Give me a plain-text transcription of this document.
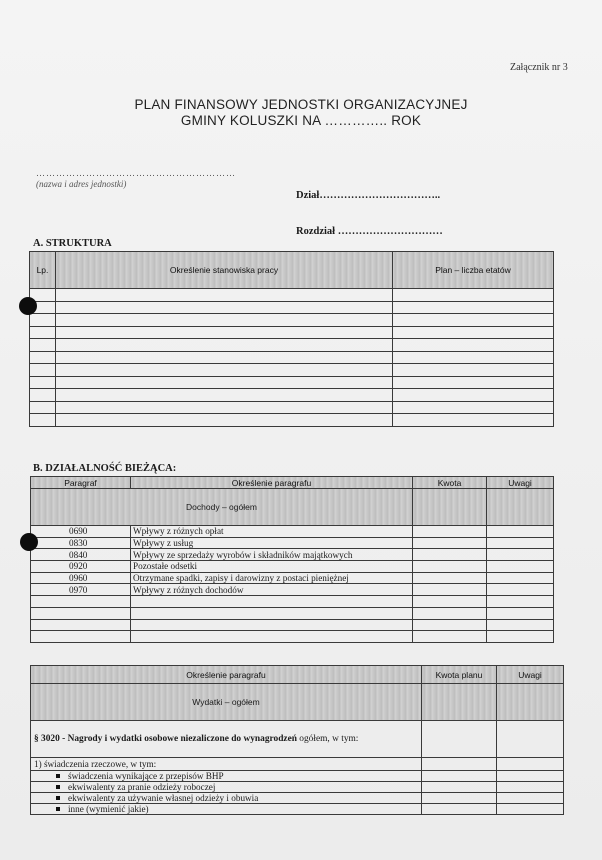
Załącznik nr 3
PLAN FINANSOWY JEDNOSTKI ORGANIZACYJNEJ
GMINY KOLUSZKI NA ………….. ROK
……………………………………………………
(nazwa i adres jednostki)
Dział……………………………..
Rozdział …………………………
A. STRUKTURA
Lp.	Określenie stanowiska pracy	Plan – liczba etatów

B. DZIAŁALNOŚĆ BIEŻĄCA:
Paragraf	Określenie paragrafu	Kwota	Uwagi
Dochody – ogółem			
0690	Wpływy z różnych opłat		
0830	Wpływy z usług		
0840	Wpływy ze sprzedaży wyrobów i składników majątkowych		
0920	Pozostałe odsetki		
0960	Otrzymane spadki, zapisy i darowizny z postaci pieniężnej		
0970	Wpływy z różnych dochodów		

Określenie paragrafu	Kwota planu	Uwagi
Wydatki – ogółem		
§ 3020 - Nagrody i wydatki osobowe niezaliczone do wynagrodzeń ogółem, w tym:		
1) świadczenia rzeczowe, w tym:		
świadczenia wynikające z przepisów BHP		
ekwiwalenty za pranie odzieży roboczej		
ekwiwalenty za używanie własnej odzieży i obuwia		
inne (wymienić jakie)		
